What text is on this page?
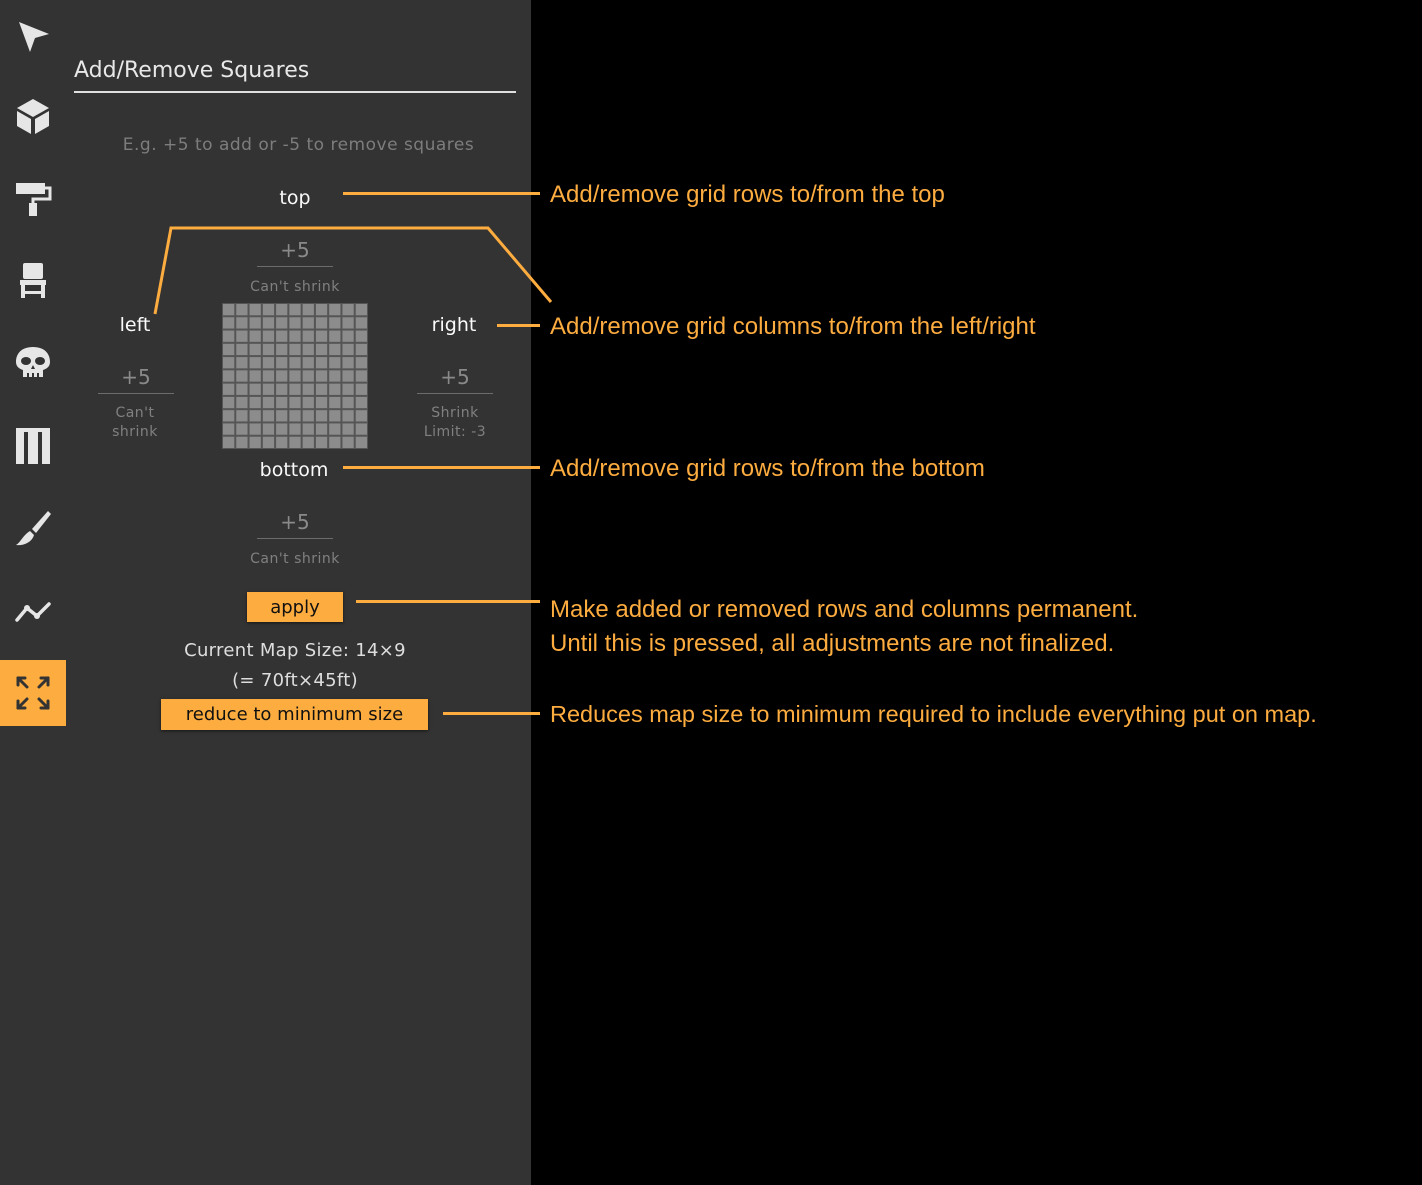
Add/Remove Squares
E.g. +5 to add or -5 to remove squares
top
+5
Can't shrink
left
+5
Can't
shrink
right
+5
Shrink
Limit: -3
bottom
+5
Can't shrink
apply
Current Map Size: 14×9
(= 70ft×45ft)
reduce to minimum size
Add/remove grid rows to/from the top
Add/remove grid columns to/from the left/right
Add/remove grid rows to/from the bottom
Make added or removed rows and columns permanent.
Until this is pressed, all adjustments are not finalized.
Reduces map size to minimum required to include everything put on map.
